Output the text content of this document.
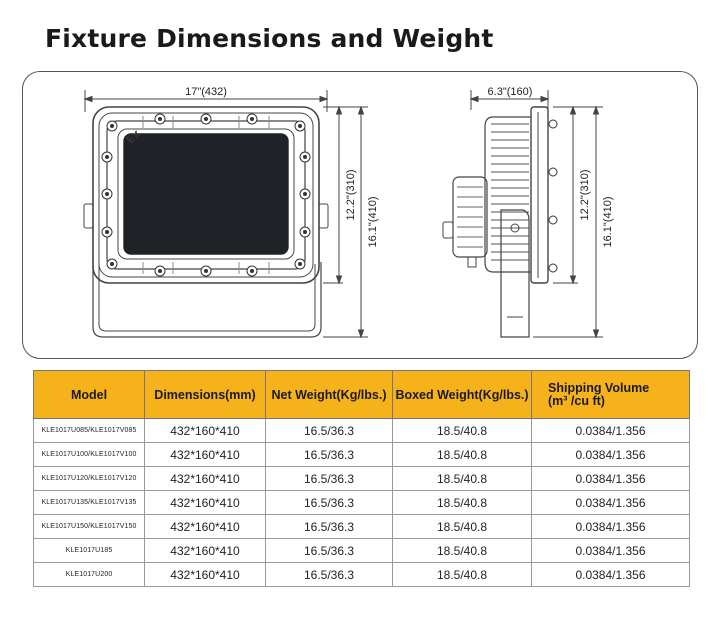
Fixture Dimensions and Weight
Ex
17"(432)
12.2"(310)
16.1"(410)
6.3"(160)
12.2"(310)
16.1"(410)
Model	Dimensions(mm)	Net Weight(Kg/lbs.)	Boxed Weight(Kg/lbs.)	Shipping Volume
(m³ /cu ft)

KLE1017U085/KLE1017V085	432*160*410	16.5/36.3	18.5/40.8	0.0384/1.356
KLE1017U100/KLE1017V100	432*160*410	16.5/36.3	18.5/40.8	0.0384/1.356
KLE1017U120/KLE1017V120	432*160*410	16.5/36.3	18.5/40.8	0.0384/1.356
KLE1017U135/KLE1017V135	432*160*410	16.5/36.3	18.5/40.8	0.0384/1.356
KLE1017U150/KLE1017V150	432*160*410	16.5/36.3	18.5/40.8	0.0384/1.356
KLE1017U185	432*160*410	16.5/36.3	18.5/40.8	0.0384/1.356
KLE1017U200	432*160*410	16.5/36.3	18.5/40.8	0.0384/1.356
